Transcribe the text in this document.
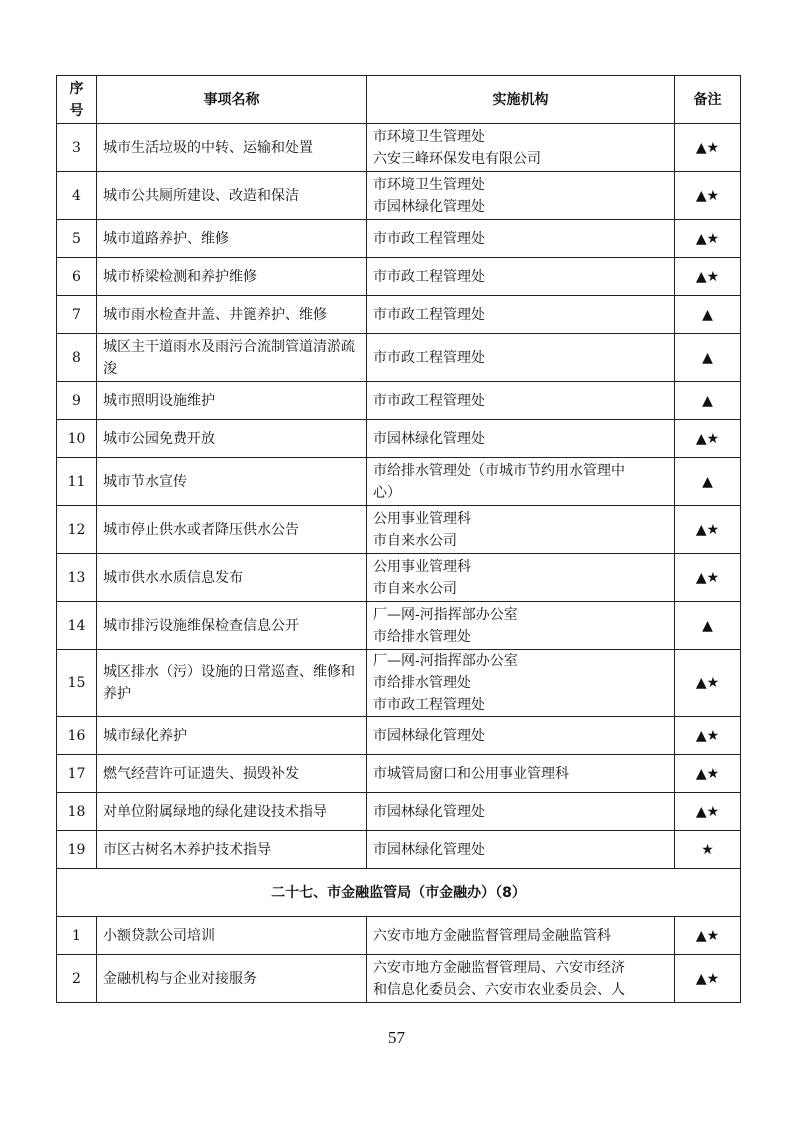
序
号	事项名称	实施机构	备注
3	城市生活垃圾的中转、运输和处置	市环境卫生管理处
六安三峰环保发电有限公司	▲★
4	城市公共厕所建设、改造和保洁	市环境卫生管理处
市园林绿化管理处	▲★
5	城市道路养护、维修	市市政工程管理处	▲★
6	城市桥梁检测和养护维修	市市政工程管理处	▲★
7	城市雨水检查井盖、井篦养护、维修	市市政工程管理处	▲
8	城区主干道雨水及雨污合流制管道清淤疏浚	市市政工程管理处	▲
9	城市照明设施维护	市市政工程管理处	▲
10	城市公园免费开放	市园林绿化管理处	▲★
11	城市节水宣传	市给排水管理处（市城市节约用水管理中
心）	▲
12	城市停止供水或者降压供水公告	公用事业管理科
市自来水公司	▲★
13	城市供水水质信息发布	公用事业管理科
市自来水公司	▲★
14	城市排污设施维保检查信息公开	厂—网-河指挥部办公室
市给排水管理处	▲
15	城区排水（污）设施的日常巡查、维修和养护	厂—网-河指挥部办公室
市给排水管理处
市市政工程管理处	▲★
16	城市绿化养护	市园林绿化管理处	▲★
17	燃气经营许可证遗失、损毁补发	市城管局窗口和公用事业管理科	▲★
18	对单位附属绿地的绿化建设技术指导	市园林绿化管理处	▲★
19	市区古树名木养护技术指导	市园林绿化管理处	★
二十七、市金融监管局（市金融办）（8）			
1	小额贷款公司培训	六安市地方金融监督管理局金融监管科	▲★
2	金融机构与企业对接服务	六安市地方金融监督管理局、六安市经济
和信息化委员会、六安市农业委员会、人	▲★
57
